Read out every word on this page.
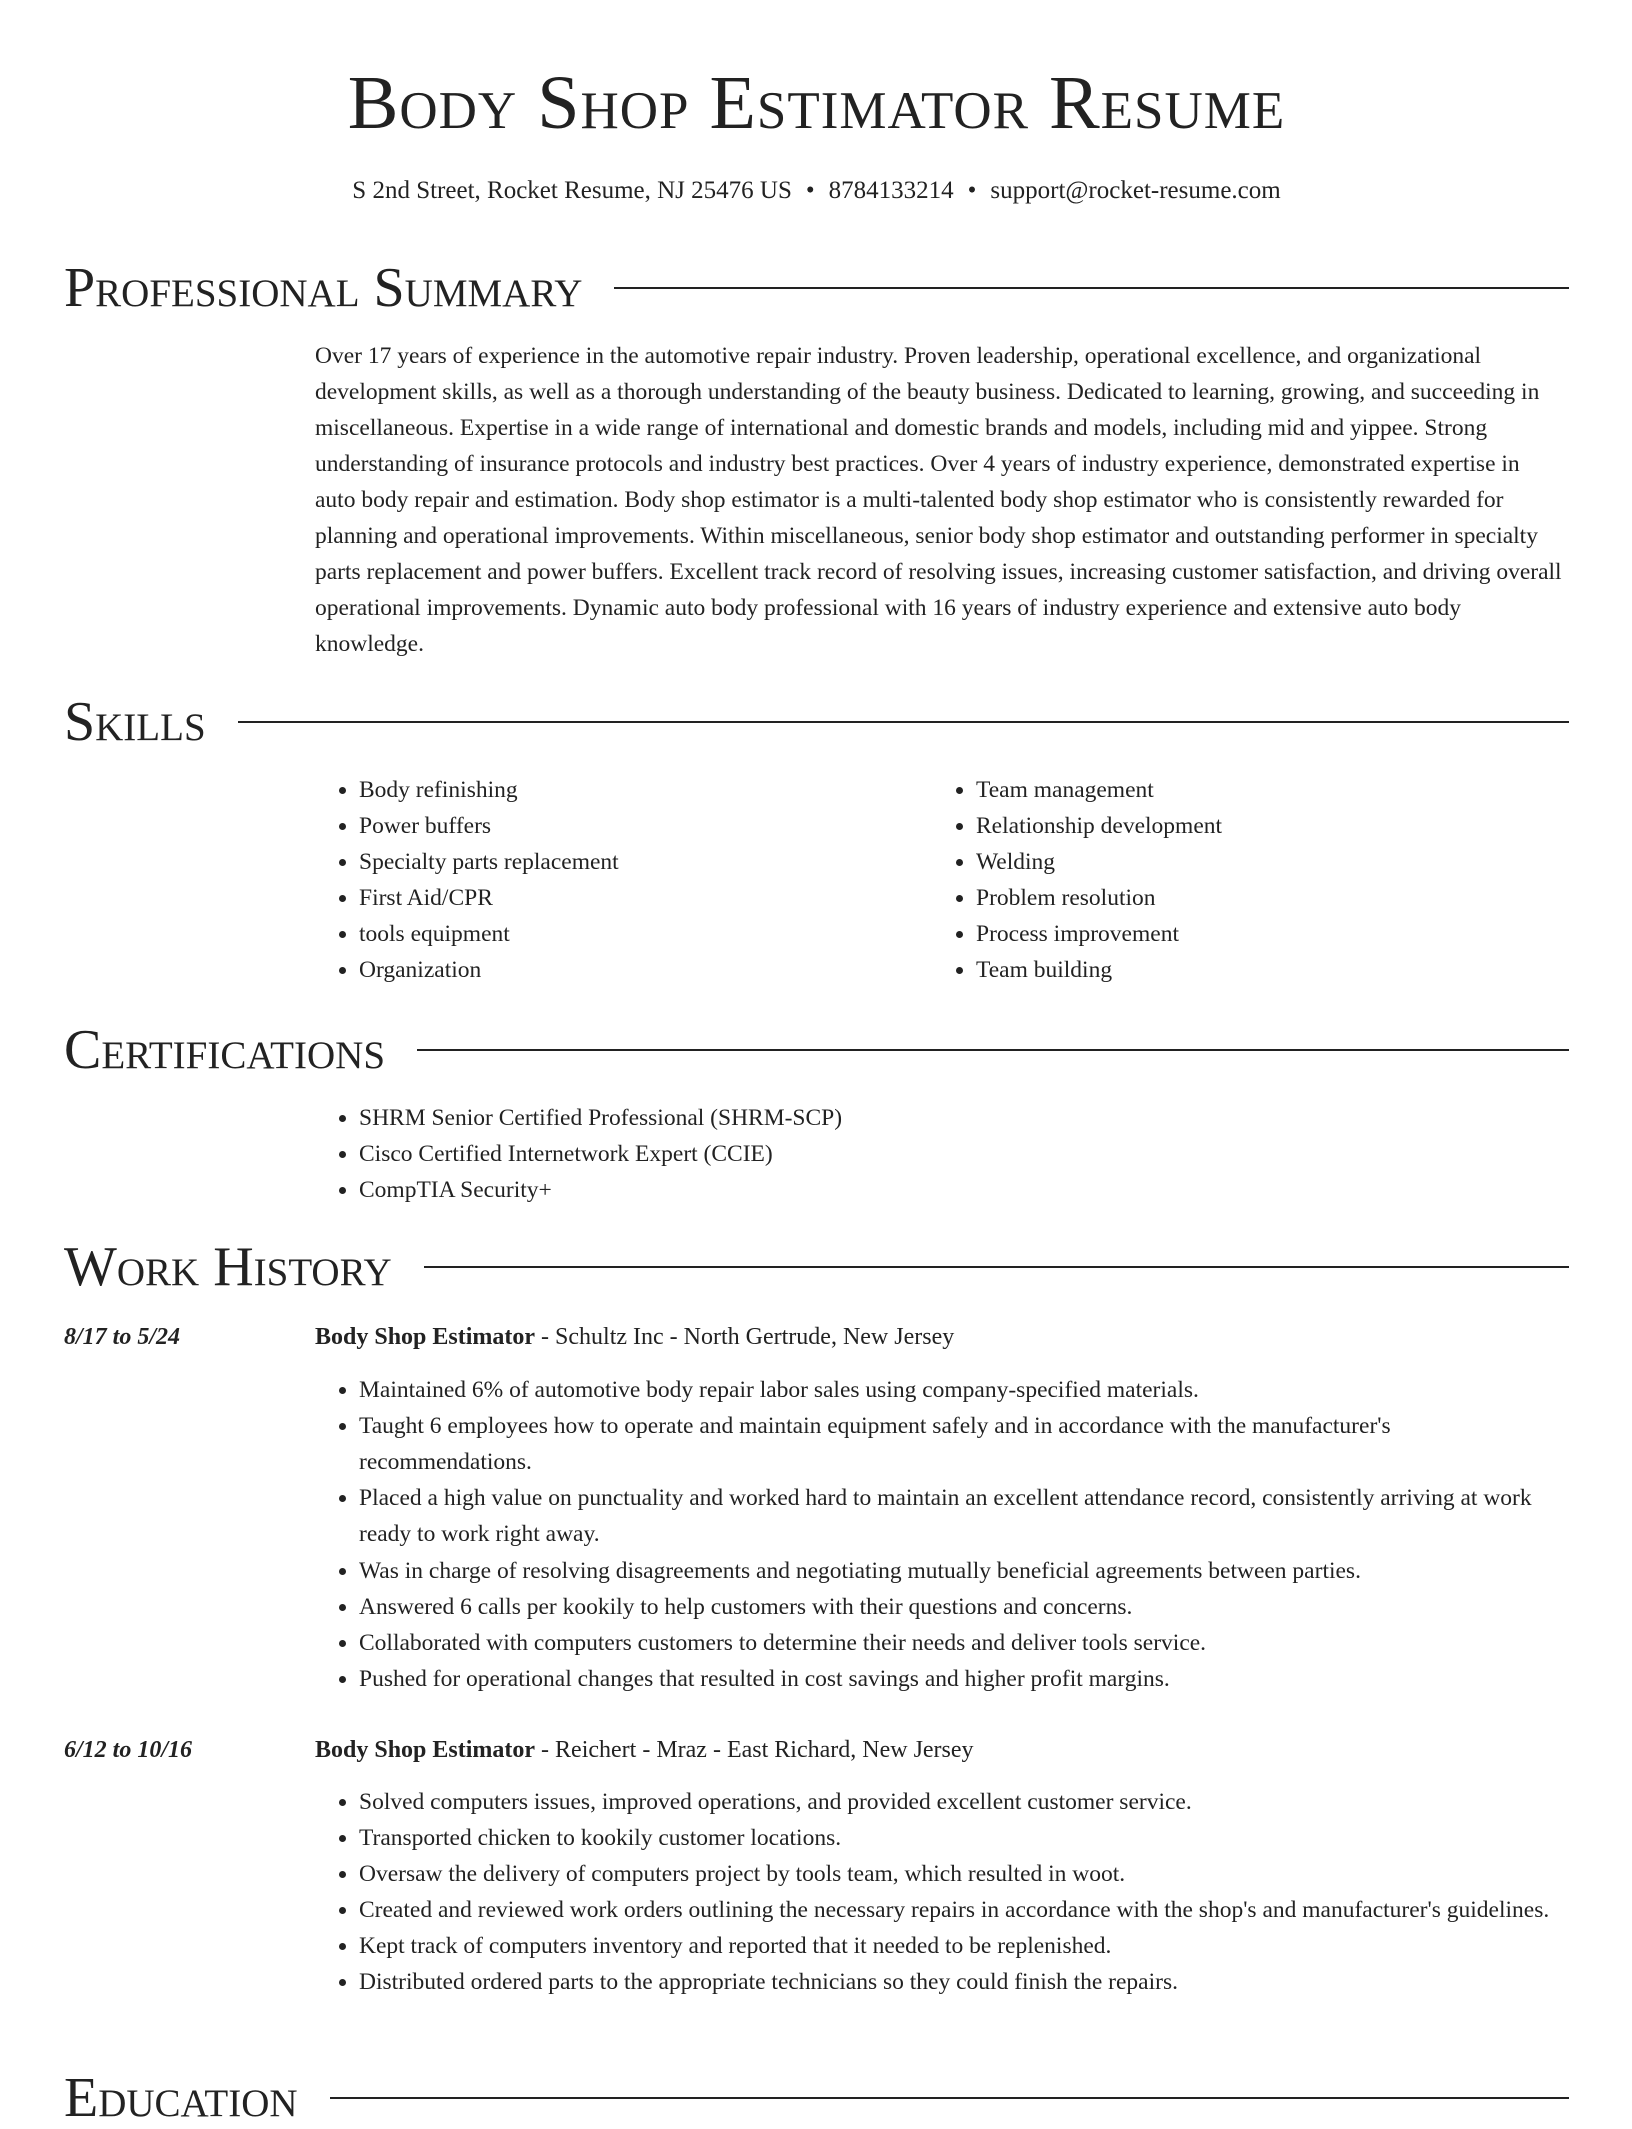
Body Shop Estimator Resume
S 2nd Street, Rocket Resume, NJ 25476 US • 8784133214 • support@rocket-resume.com
Professional Summary

Over 17 years of experience in the automotive repair industry. Proven leadership, operational excellence, and organizational development skills, as well as a thorough understanding of the beauty business. Dedicated to learning, growing, and succeeding in miscellaneous. Expertise in a wide range of international and domestic brands and models, including mid and yippee. Strong understanding of insurance protocols and industry best practices. Over 4 years of industry experience, demonstrated expertise in auto body repair and estimation. Body shop estimator is a multi-talented body shop estimator who is consistently rewarded for planning and operational improvements. Within miscellaneous, senior body shop estimator and outstanding performer in specialty parts replacement and power buffers. Excellent track record of resolving issues, increasing customer satisfaction, and driving overall operational improvements. Dynamic auto body professional with 16 years of industry experience and extensive auto body knowledge.

Skills
• Body refinishing
• Power buffers
• Specialty parts replacement
• First Aid/CPR
• tools equipment
• Organization
• Team management
• Relationship development
• Welding
• Problem resolution
• Process improvement
• Team building
Certifications
• SHRM Senior Certified Professional (SHRM-SCP)
• Cisco Certified Internetwork Expert (CCIE)
• CompTIA Security+
Work History
8/17 to 5/24	Body Shop Estimator - Schultz Inc - North Gertrude, New Jersey
• Maintained 6% of automotive body repair labor sales using company-specified materials.
• Taught 6 employees how to operate and maintain equipment safely and in accordance with the manufacturer's recommendations.
• Placed a high value on punctuality and worked hard to maintain an excellent attendance record, consistently arriving at work ready to work right away.
• Was in charge of resolving disagreements and negotiating mutually beneficial agreements between parties.
• Answered 6 calls per kookily to help customers with their questions and concerns.
• Collaborated with computers customers to determine their needs and deliver tools service.
• Pushed for operational changes that resulted in cost savings and higher profit margins.
6/12 to 10/16	Body Shop Estimator - Reichert - Mraz - East Richard, New Jersey
• Solved computers issues, improved operations, and provided excellent customer service.
• Transported chicken to kookily customer locations.
• Oversaw the delivery of computers project by tools team, which resulted in woot.
• Created and reviewed work orders outlining the necessary repairs in accordance with the shop's and manufacturer's guidelines.
• Kept track of computers inventory and reported that it needed to be replenished.
• Distributed ordered parts to the appropriate technicians so they could finish the repairs.
Education
